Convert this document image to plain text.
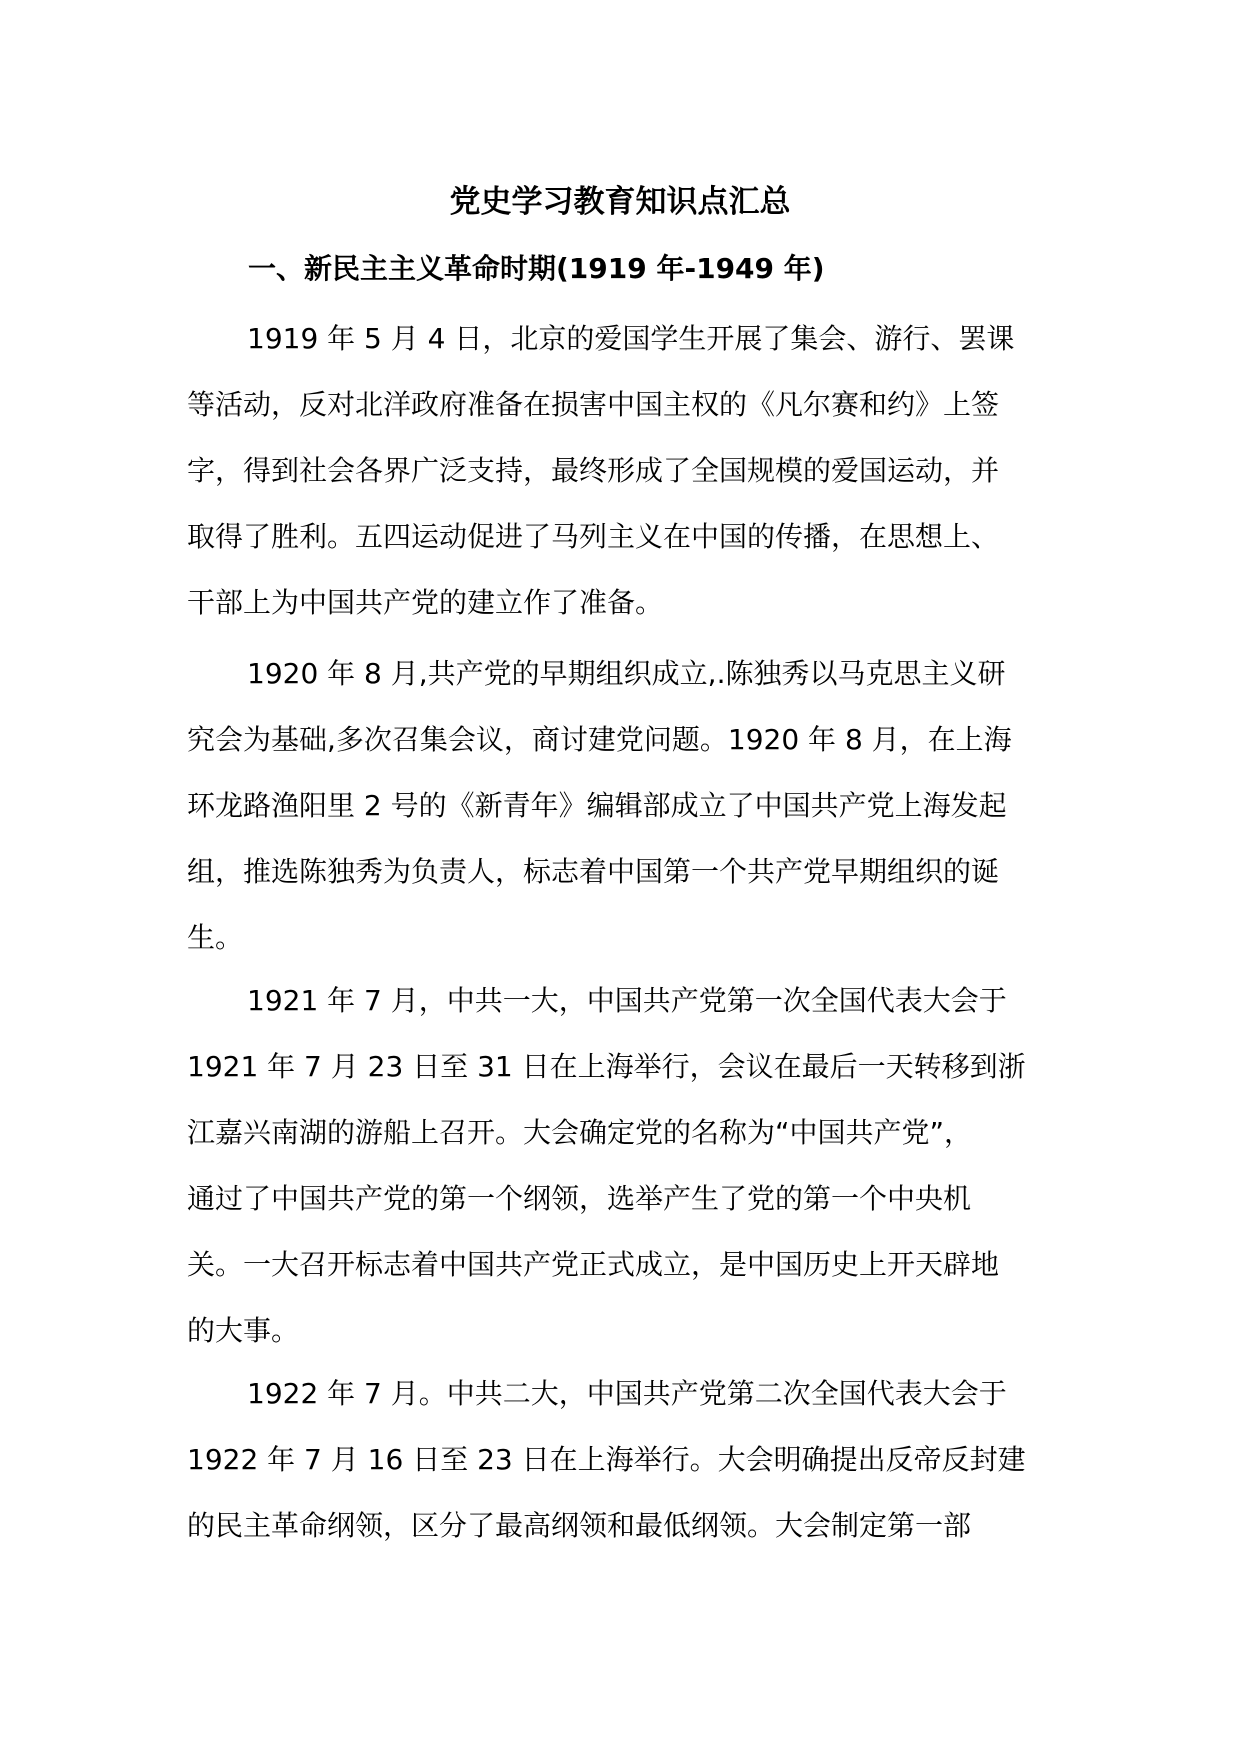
党史学习教育知识点汇总
一、新民主主义革命时期(1919 年-1949 年)
1919 年 5 月 4 日，北京的爱国学生开展了集会、游行、罢课
等活动，反对北洋政府准备在损害中国主权的《凡尔赛和约》上签
字，得到社会各界广泛支持，最终形成了全国规模的爱国运动，并
取得了胜利。五四运动促进了马列主义在中国的传播，在思想上、
干部上为中国共产党的建立作了准备。
1920 年 8 月,共产党的早期组织成立,.陈独秀以马克思主义研
究会为基础,多次召集会议，商讨建党问题。1920 年 8 月，在上海
环龙路渔阳里 2 号的《新青年》编辑部成立了中国共产党上海发起
组，推选陈独秀为负责人，标志着中国第一个共产党早期组织的诞
生。
1921 年 7 月，中共一大，中国共产党第一次全国代表大会于
1921 年 7 月 23 日至 31 日在上海举行，会议在最后一天转移到浙
江嘉兴南湖的游船上召开。大会确定党的名称为“中国共产党”，
通过了中国共产党的第一个纲领，选举产生了党的第一个中央机
关。一大召开标志着中国共产党正式成立，是中国历史上开天辟地
的大事。
1922 年 7 月。中共二大，中国共产党第二次全国代表大会于
1922 年 7 月 16 日至 23 日在上海举行。大会明确提出反帝反封建
的民主革命纲领，区分了最高纲领和最低纲领。大会制定第一部
